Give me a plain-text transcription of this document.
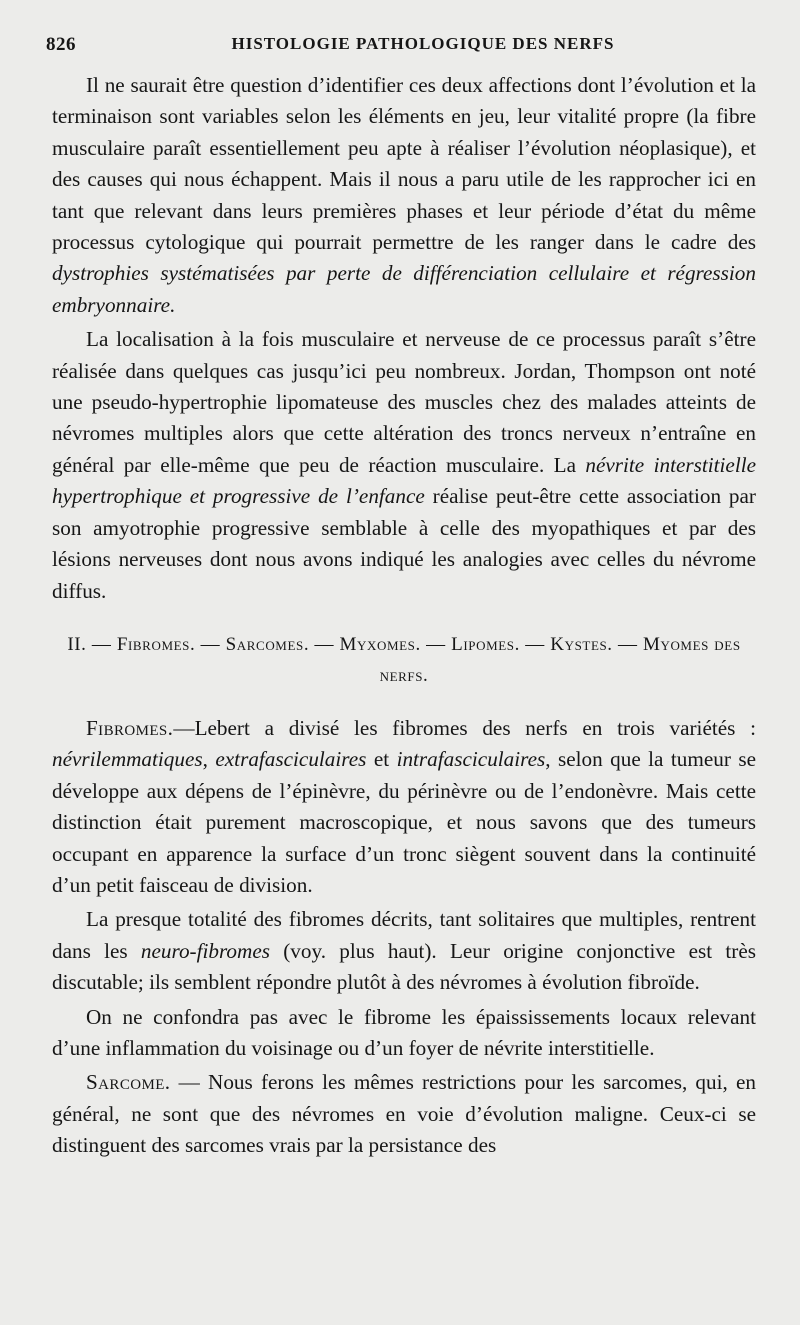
826	HISTOLOGIE PATHOLOGIQUE DES NERFS

Il ne saurait être question d’identifier ces deux affections dont l’évolution et la terminaison sont variables selon les éléments en jeu, leur vitalité propre (la fibre musculaire paraît essentiellement peu apte à réaliser l’évolution néoplasique), et des causes qui nous échappent. Mais il nous a paru utile de les rapprocher ici en tant que relevant dans leurs premières phases et leur période d’état du même processus cytologique qui pourrait permettre de les ranger dans le cadre des dystrophies systématisées par perte de différenciation cellulaire et régression embryonnaire.

La localisation à la fois musculaire et nerveuse de ce processus paraît s’être réalisée dans quelques cas jusqu’ici peu nombreux. Jordan, Thompson ont noté une pseudo-hypertrophie lipomateuse des muscles chez des malades atteints de névromes multiples alors que cette altération des troncs nerveux n’entraîne en général par elle-même que peu de réaction musculaire. La névrite interstitielle hypertrophique et progressive de l’enfance réalise peut-être cette association par son amyotrophie progressive semblable à celle des myopathiques et par des lésions nerveuses dont nous avons indiqué les analogies avec celles du névrome diffus.

II. — Fibromes. — Sarcomes. — Myxomes. — Lipomes. — Kystes. — Myomes des nerfs.

Fibromes.—Lebert a divisé les fibromes des nerfs en trois variétés : névrilemmatiques, extrafasciculaires et intrafasciculaires, selon que la tumeur se développe aux dépens de l’épinèvre, du périnèvre ou de l’endonèvre. Mais cette distinction était purement macroscopique, et nous savons que des tumeurs occupant en apparence la surface d’un tronc siègent souvent dans la continuité d’un petit faisceau de division.

La presque totalité des fibromes décrits, tant solitaires que multiples, rentrent dans les neuro-fibromes (voy. plus haut). Leur origine conjonctive est très discutable; ils semblent répondre plutôt à des névromes à évolution fibroïde.

On ne confondra pas avec le fibrome les épaississements locaux relevant d’une inflammation du voisinage ou d’un foyer de névrite interstitielle.

Sarcome. — Nous ferons les mêmes restrictions pour les sarcomes, qui, en général, ne sont que des névromes en voie d’évolution maligne. Ceux-ci se distinguent des sarcomes vrais par la persistance des
